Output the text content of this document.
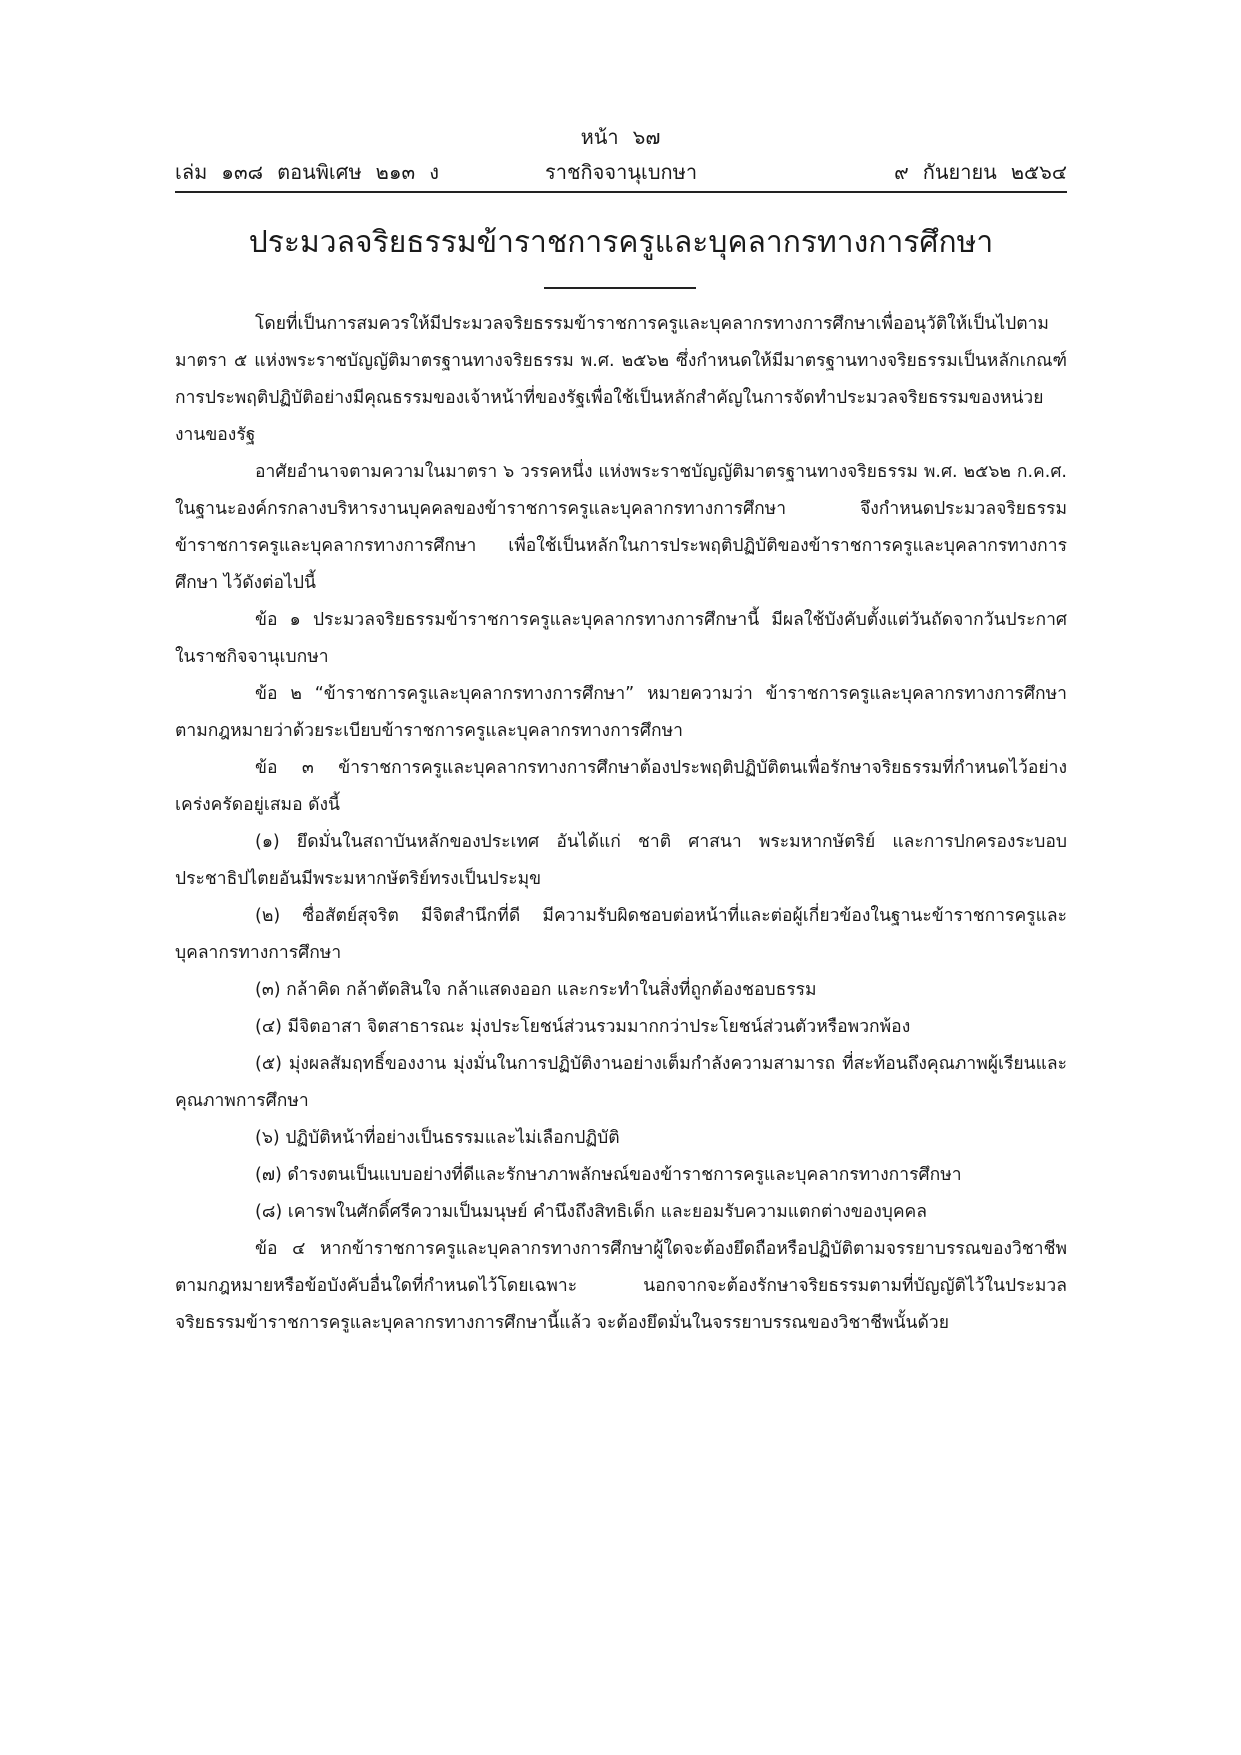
หน้า ๖๗
เล่ม ๑๓๘ ตอนพิเศษ ๒๑๓ ง	ราชกิจจานุเบกษา	๙ กันยายน ๒๕๖๔
ประมวลจริยธรรมข้าราชการครูและบุคลากรทางการศึกษา

โดยที่เป็นการสมควรให้มีประมวลจริยธรรมข้าราชการครูและบุคลากรทางการศึกษาเพื่ออนุวัติให้เป็นไปตามมาตรา ๕ แห่งพระราชบัญญัติมาตรฐานทางจริยธรรม พ.ศ. ๒๕๖๒ ซึ่งกำหนดให้มีมาตรฐานทางจริยธรรมเป็นหลักเกณฑ์การประพฤติปฏิบัติอย่างมีคุณธรรมของเจ้าหน้าที่ของรัฐเพื่อใช้เป็นหลักสำคัญในการจัดทำประมวลจริยธรรมของหน่วยงานของรัฐ

อาศัยอำนาจตามความในมาตรา ๖ วรรคหนึ่ง แห่งพระราชบัญญัติมาตรฐานทางจริยธรรม พ.ศ. ๒๕๖๒ ก.ค.ศ. ในฐานะองค์กรกลางบริหารงานบุคคลของข้าราชการครูและบุคลากรทางการศึกษา จึงกำหนดประมวลจริยธรรมข้าราชการครูและบุคลากรทางการศึกษา เพื่อใช้เป็นหลักในการประพฤติปฏิบัติของข้าราชการครูและบุคลากรทางการศึกษา ไว้ดังต่อไปนี้

ข้อ ๑ ประมวลจริยธรรมข้าราชการครูและบุคลากรทางการศึกษานี้ มีผลใช้บังคับตั้งแต่วันถัดจากวันประกาศในราชกิจจานุเบกษา

ข้อ ๒ “ข้าราชการครูและบุคลากรทางการศึกษา” หมายความว่า ข้าราชการครูและบุคลากรทางการศึกษา ตามกฎหมายว่าด้วยระเบียบข้าราชการครูและบุคลากรทางการศึกษา

ข้อ ๓ ข้าราชการครูและบุคลากรทางการศึกษาต้องประพฤติปฏิบัติตนเพื่อรักษาจริยธรรมที่กำหนดไว้อย่างเคร่งครัดอยู่เสมอ ดังนี้

(๑) ยึดมั่นในสถาบันหลักของประเทศ อันได้แก่ ชาติ ศาสนา พระมหากษัตริย์ และการปกครองระบอบประชาธิปไตยอันมีพระมหากษัตริย์ทรงเป็นประมุข

(๒) ซื่อสัตย์สุจริต มีจิตสำนึกที่ดี มีความรับผิดชอบต่อหน้าที่และต่อผู้เกี่ยวข้องในฐานะข้าราชการครูและบุคลากรทางการศึกษา

(๓) กล้าคิด กล้าตัดสินใจ กล้าแสดงออก และกระทำในสิ่งที่ถูกต้องชอบธรรม

(๔) มีจิตอาสา จิตสาธารณะ มุ่งประโยชน์ส่วนรวมมากกว่าประโยชน์ส่วนตัวหรือพวกพ้อง

(๕) มุ่งผลสัมฤทธิ์ของงาน มุ่งมั่นในการปฏิบัติงานอย่างเต็มกำลังความสามารถ ที่สะท้อนถึงคุณภาพผู้เรียนและคุณภาพการศึกษา

(๖) ปฏิบัติหน้าที่อย่างเป็นธรรมและไม่เลือกปฏิบัติ

(๗) ดำรงตนเป็นแบบอย่างที่ดีและรักษาภาพลักษณ์ของข้าราชการครูและบุคลากรทางการศึกษา

(๘) เคารพในศักดิ์ศรีความเป็นมนุษย์ คำนึงถึงสิทธิเด็ก และยอมรับความแตกต่างของบุคคล

ข้อ ๔ หากข้าราชการครูและบุคลากรทางการศึกษาผู้ใดจะต้องยึดถือหรือปฏิบัติตามจรรยาบรรณของวิชาชีพตามกฎหมายหรือข้อบังคับอื่นใดที่กำหนดไว้โดยเฉพาะ นอกจากจะต้องรักษาจริยธรรมตามที่บัญญัติไว้ในประมวลจริยธรรมข้าราชการครูและบุคลากรทางการศึกษานี้แล้ว จะต้องยึดมั่นในจรรยาบรรณของวิชาชีพนั้นด้วย
